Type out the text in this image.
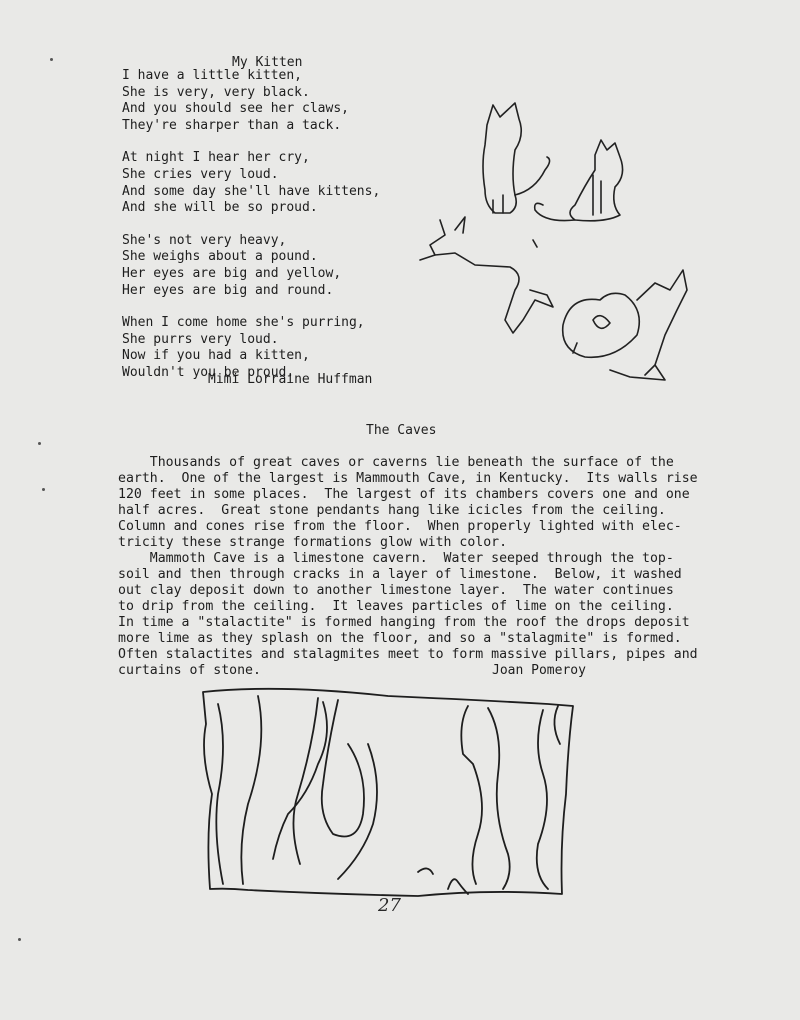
My Kitten
I have a little kitten,
She is very, very black.
And you should see her claws,
They're sharper than a tack.
At night I hear her cry,
She cries very loud.
And some day she'll have kittens,
And she will be so proud.
She's not very heavy,
She weighs about a pound.
Her eyes are big and yellow,
Her eyes are big and round.
When I come home she's purring,
She purrs very loud.
Now if you had a kitten,
Wouldn't you be proud.
Mimi Lorraine Huffman
The Caves
Thousands of great caves or caverns lie beneath the surface of the
earth.  One of the largest is Mammouth Cave, in Kentucky.  Its walls rise
120 feet in some places.  The largest of its chambers covers one and one
half acres.  Great stone pendants hang like icicles from the ceiling.
Column and cones rise from the floor.  When properly lighted with elec-
tricity these strange formations glow with color.
Mammoth Cave is a limestone cavern.  Water seeped through the top-
soil and then through cracks in a layer of limestone.  Below, it washed
out clay deposit down to another limestone layer.  The water continues
to drip from the ceiling.  It leaves particles of lime on the ceiling.
In time a "stalactite" is formed hanging from the roof the drops deposit
more lime as they splash on the floor, and so a "stalagmite" is formed.
Often stalactites and stalagmites meet to form massive pillars, pipes and
curtains of stone.	Joan Pomeroy
27
